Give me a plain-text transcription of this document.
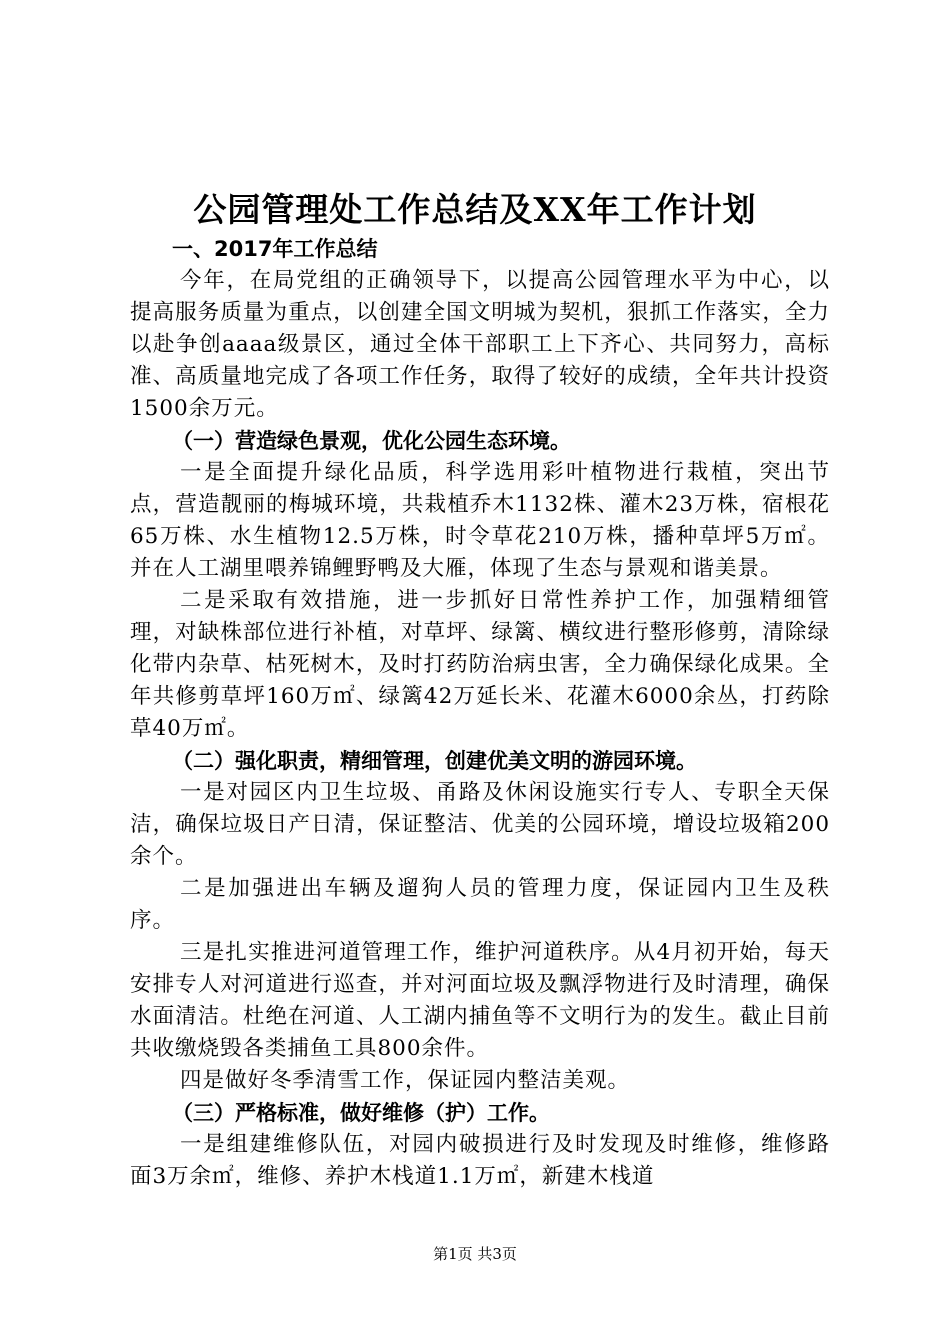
公园管理处工作总结及XX年工作计划

一、2017年工作总结

今年，在局党组的正确领导下，以提高公园管理水平为中心，以提高服务质量为重点，以创建全国文明城为契机，狠抓工作落实，全力以赴争创aaaa级景区，通过全体干部职工上下齐心、共同努力，高标准、高质量地完成了各项工作任务，取得了较好的成绩，全年共计投资1500余万元。

（一）营造绿色景观，优化公园生态环境。

一是全面提升绿化品质，科学选用彩叶植物进行栽植，突出节点，营造靓丽的梅城环境，共栽植乔木1132株、灌木23万株，宿根花65万株、水生植物12.5万株，时令草花210万株，播种草坪5万㎡。并在人工湖里喂养锦鲤野鸭及大雁，体现了生态与景观和谐美景。

二是采取有效措施，进一步抓好日常性养护工作，加强精细管理，对缺株部位进行补植，对草坪、绿篱、横纹进行整形修剪，清除绿化带内杂草、枯死树木，及时打药防治病虫害，全力确保绿化成果。全年共修剪草坪160万㎡、绿篱42万延长米、花灌木6000余丛，打药除草40万㎡。

（二）强化职责，精细管理，创建优美文明的游园环境。

一是对园区内卫生垃圾、甬路及休闲设施实行专人、专职全天保洁，确保垃圾日产日清，保证整洁、优美的公园环境，增设垃圾箱200余个。

二是加强进出车辆及遛狗人员的管理力度，保证园内卫生及秩序。

三是扎实推进河道管理工作，维护河道秩序。从4月初开始，每天安排专人对河道进行巡查，并对河面垃圾及飘浮物进行及时清理，确保水面清洁。杜绝在河道、人工湖内捕鱼等不文明行为的发生。截止目前共收缴烧毁各类捕鱼工具800余件。

四是做好冬季清雪工作，保证园内整洁美观。

（三）严格标准，做好维修（护）工作。

一是组建维修队伍，对园内破损进行及时发现及时维修，维修路面3万余㎡，维修、养护木栈道1.1万㎡，新建木栈道

第1页 共3页
